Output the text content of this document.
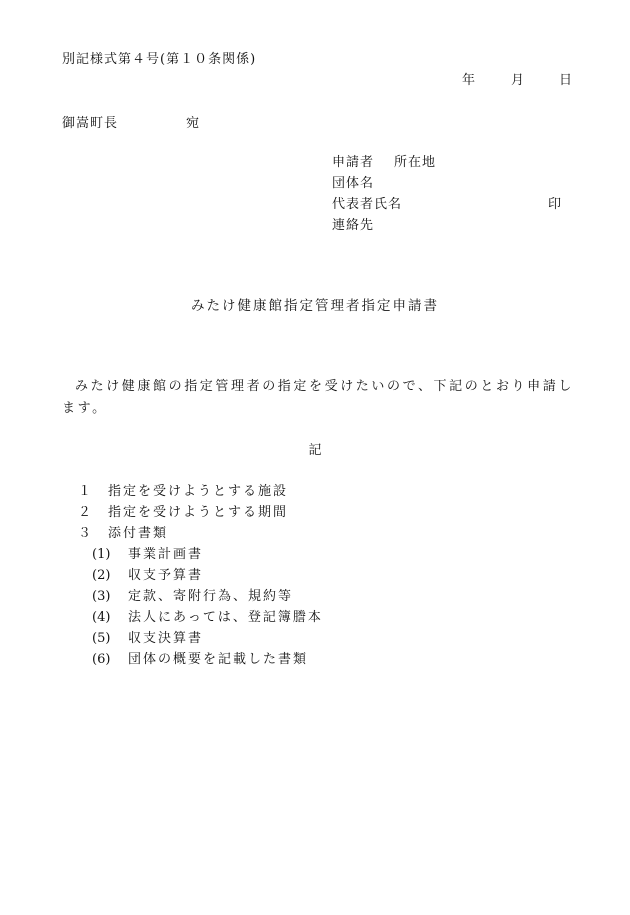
別記様式第４号(第１０条関係)
年	月	日
御嵩町長	宛
申請者 所在地
団体名
代表者氏名	印
連絡先
みたけ健康館指定管理者指定申請書
みたけ健康館の指定管理者の指定を受けたいので、下記のとおり申請します。
記
１ 指定を受けようとする施設
２ 指定を受けようとする期間
３ 添付書類
(1) 事業計画書
(2) 収支予算書
(3) 定款、寄附行為、規約等
(4) 法人にあっては、登記簿謄本
(5) 収支決算書
(6) 団体の概要を記載した書類
